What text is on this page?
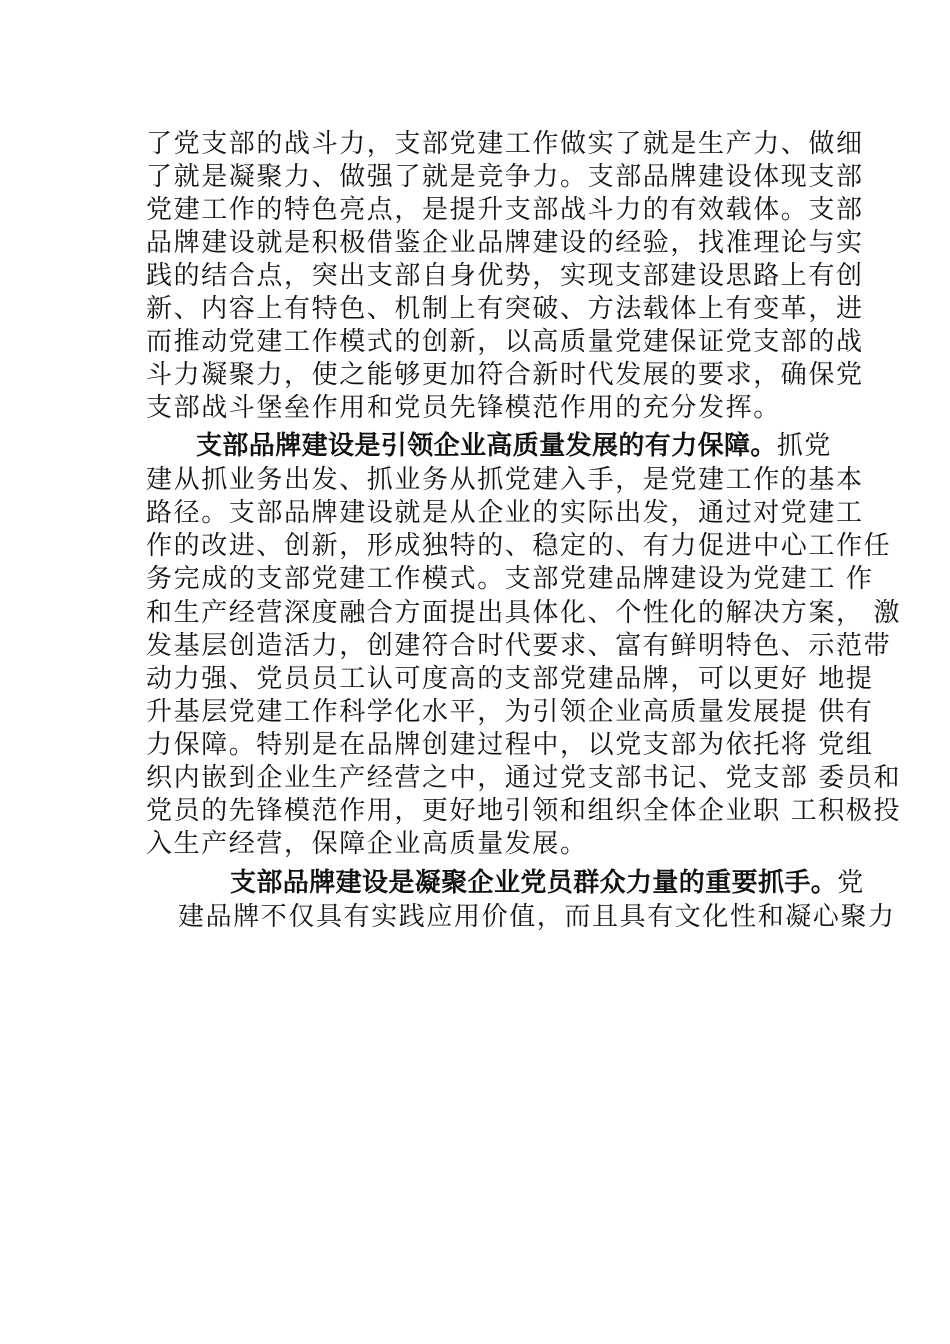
了党支部的战斗力，支部党建工作做实了就是生产力、做细
了就是凝聚力、做强了就是竞争力。支部品牌建设体现支部
党建工作的特色亮点，是提升支部战斗力的有效载体。支部
品牌建设就是积极借鉴企业品牌建设的经验，找准理论与实
践的结合点，突出支部自身优势，实现支部建设思路上有创
新、内容上有特色、机制上有突破、方法载体上有变革，进
而推动党建工作模式的创新，以高质量党建保证党支部的战
斗力凝聚力，使之能够更加符合新时代发展的要求，确保党
支部战斗堡垒作用和党员先锋模范作用的充分发挥。
支部品牌建设是引领企业高质量发展的有力保障。抓党
建从抓业务出发、抓业务从抓党建入手，是党建工作的基本
路径。支部品牌建设就是从企业的实际出发，通过对党建工
作的改进、创新，形成独特的、稳定的、有力促进中心工作任
务完成的支部党建工作模式。支部党建品牌建设为党建工 作
和生产经营深度融合方面提出具体化、个性化的解决方案， 激
发基层创造活力，创建符合时代要求、富有鲜明特色、示范带
动力强、党员员工认可度高的支部党建品牌，可以更好 地提
升基层党建工作科学化水平，为引领企业高质量发展提 供有
力保障。特别是在品牌创建过程中，以党支部为依托将 党组
织内嵌到企业生产经营之中，通过党支部书记、党支部 委员和
党员的先锋模范作用，更好地引领和组织全体企业职 工积极投
入生产经营，保障企业高质量发展。
支部品牌建设是凝聚企业党员群众力量的重要抓手。党
建品牌不仅具有实践应用价值，而且具有文化性和凝心聚力
